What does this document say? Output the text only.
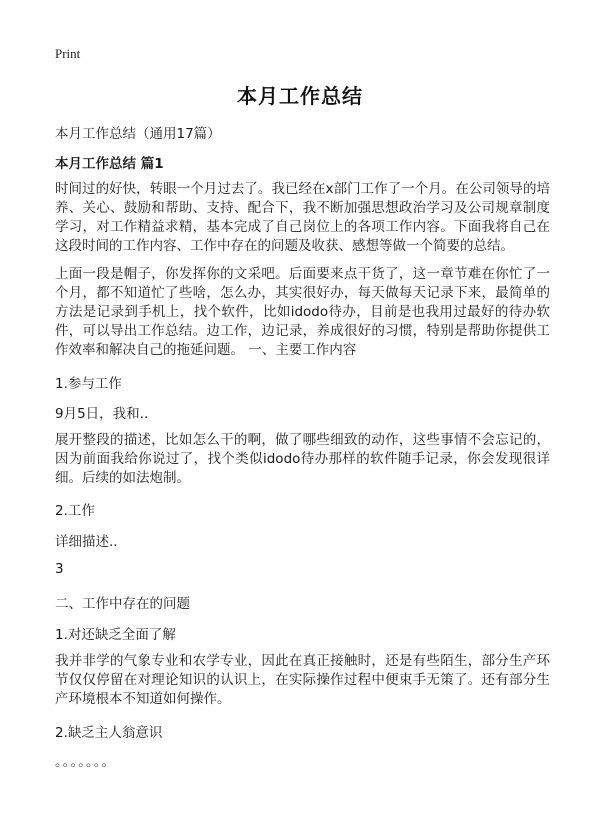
Print
本月工作总结
本月工作总结（通用17篇）
本月工作总结 篇1
时间过的好快，转眼一个月过去了。我已经在x部门工作了一个月。在公司领导的培养、关心、鼓励和帮助、支持、配合下，我不断加强思想政治学习及公司规章制度学习，对工作精益求精，基本完成了自己岗位上的各项工作内容。下面我将自己在这段时间的工作内容、工作中存在的问题及收获、感想等做一个简要的总结。
上面一段是帽子，你发挥你的文采吧。后面要来点干货了，这一章节难在你忙了一个月，都不知道忙了些啥，怎么办，其实很好办，每天做每天记录下来，最简单的方法是记录到手机上，找个软件，比如idodo待办，目前是也我用过最好的待办软件，可以导出工作总结。边工作，边记录，养成很好的习惯，特别是帮助你提供工作效率和解决自己的拖延问题。 一、主要工作内容
1.参与工作
9月5日，我和..
展开整段的描述，比如怎么干的啊，做了哪些细致的动作，这些事情不会忘记的，因为前面我给你说过了，找个类似idodo待办那样的软件随手记录，你会发现很详细。后续的如法炮制。
2.工作
详细描述..
3
二、工作中存在的问题
1.对还缺乏全面了解
我并非学的气象专业和农学专业，因此在真正接触时，还是有些陌生，部分生产环节仅仅停留在对理论知识的认识上，在实际操作过程中便束手无策了。还有部分生产环境根本不知道如何操作。
2.缺乏主人翁意识
。。。。。。。
